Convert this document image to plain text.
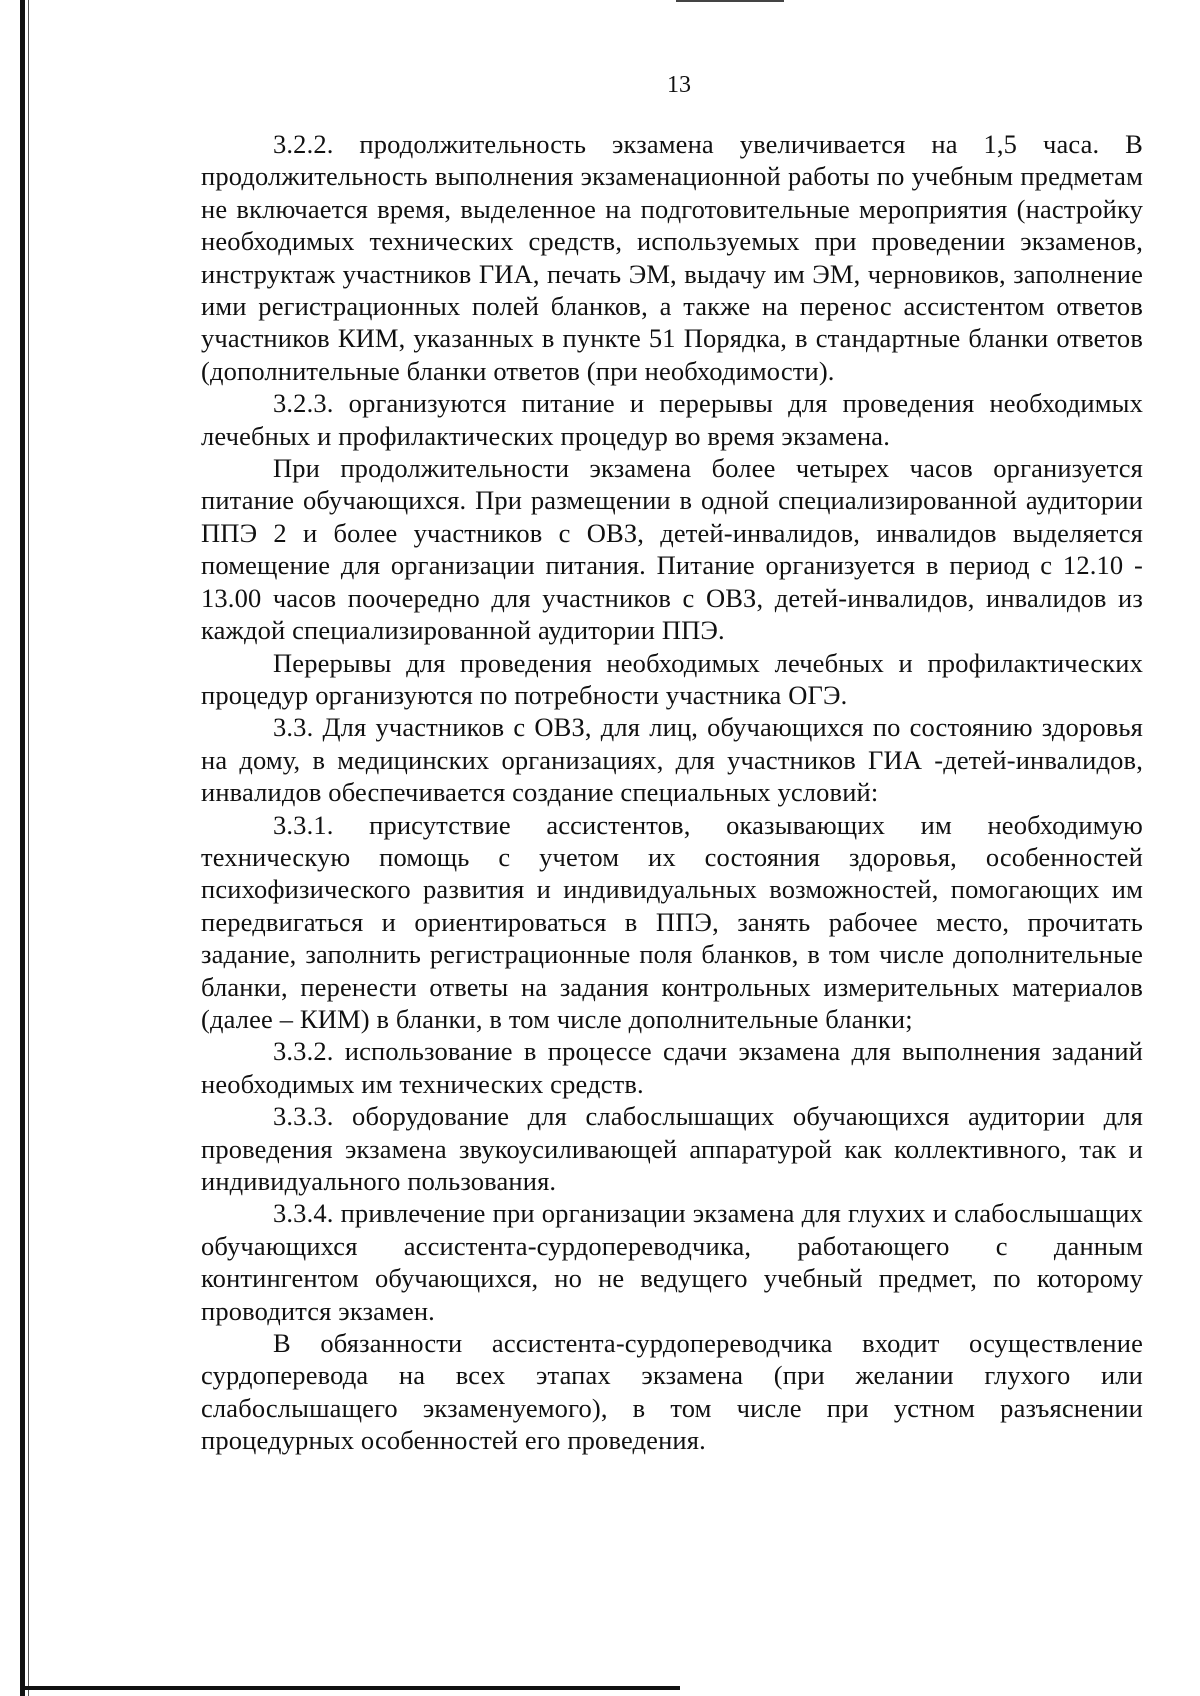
13

3.2.2. продолжительность экзамена увеличивается на 1,5 часа. В продолжительность выполнения экзаменационной работы по учебным предметам не включается время, выделенное на подготовительные мероприятия (настройку необходимых технических средств, используемых при проведении экзаменов, инструктаж участников ГИА, печать ЭМ, выдачу им ЭМ, черновиков, заполнение ими регистрационных полей бланков, а также на перенос ассистентом ответов участников КИМ, указанных в пункте 51 Порядка, в стандартные бланки ответов (дополнительные бланки ответов (при необходимости).

3.2.3. организуются питание и перерывы для проведения необходимых лечебных и профилактических процедур во время экзамена.

При продолжительности экзамена более четырех часов организуется питание обучающихся. При размещении в одной специализированной аудитории ППЭ 2 и более участников с ОВЗ, детей-инвалидов, инвалидов выделяется помещение для организации питания. Питание организуется в период с 12.10 - 13.00 часов поочередно для участников с ОВЗ, детей-инвалидов, инвалидов из каждой специализированной аудитории ППЭ.

Перерывы для проведения необходимых лечебных и профилактических процедур организуются по потребности участника ОГЭ.

3.3. Для участников с ОВЗ, для лиц, обучающихся по состоянию здоровья на дому, в медицинских организациях, для участников ГИА -детей-инвалидов, инвалидов обеспечивается создание специальных условий:

3.3.1. присутствие ассистентов, оказывающих им необходимую техническую помощь с учетом их состояния здоровья, особенностей психофизического развития и индивидуальных возможностей, помогающих им передвигаться и ориентироваться в ППЭ, занять рабочее место, прочитать задание, заполнить регистрационные поля бланков, в том числе дополнительные бланки, перенести ответы на задания контрольных измерительных материалов (далее – КИМ) в бланки, в том числе дополнительные бланки;

3.3.2. использование в процессе сдачи экзамена для выполнения заданий необходимых им технических средств.

3.3.3. оборудование для слабослышащих обучающихся аудитории для проведения экзамена звукоусиливающей аппаратурой как коллективного, так и индивидуального пользования.

3.3.4. привлечение при организации экзамена для глухих и слабослышащих обучающихся ассистента-сурдопереводчика, работающего с данным контингентом обучающихся, но не ведущего учебный предмет, по которому проводится экзамен.

В обязанности ассистента-сурдопереводчика входит осуществление сурдоперевода на всех этапах экзамена (при желании глухого или слабослышащего экзаменуемого), в том числе при устном разъяснении процедурных особенностей его проведения.
